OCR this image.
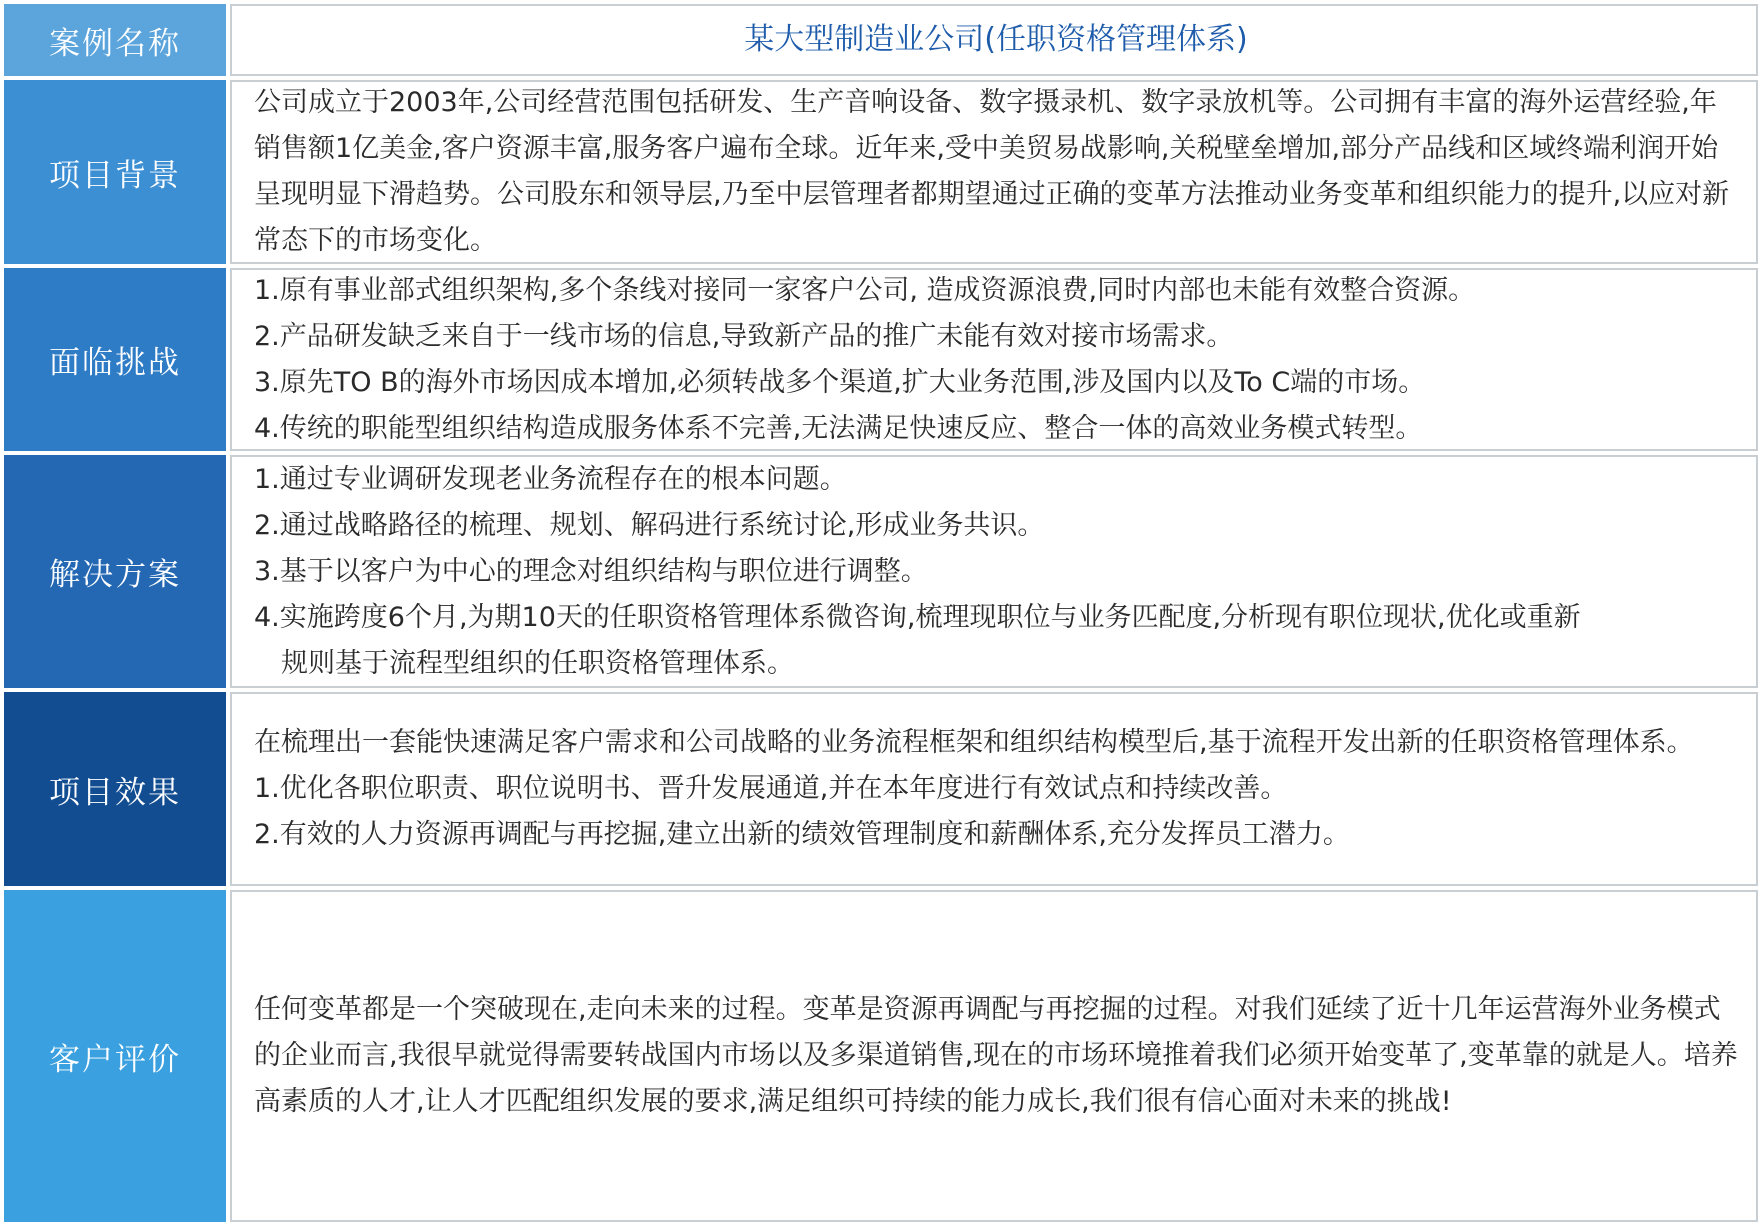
案例名称	某大型制造业公司(任职资格管理体系)
项目背景

公司成立于2003年,公司经营范围包括研发、生产音响设备、数字摄录机、数字录放机等。公司拥有丰富的海外运营经验,年销售额1亿美金,客户资源丰富,服务客户遍布全球。近年来,受中美贸易战影响,关税壁垒增加,部分产品线和区域终端利润开始呈现明显下滑趋势。公司股东和领导层,乃至中层管理者都期望通过正确的变革方法推动业务变革和组织能力的提升,以应对新常态下的市场变化。

面临挑战

1.原有事业部式组织架构,多个条线对接同一家客户公司, 造成资源浪费,同时内部也未能有效整合资源。

2.产品研发缺乏来自于一线市场的信息,导致新产品的推广未能有效对接市场需求。

3.原先TO B的海外市场因成本增加,必须转战多个渠道,扩大业务范围,涉及国内以及To C端的市场。

4.传统的职能型组织结构造成服务体系不完善,无法满足快速反应、整合一体的高效业务模式转型。

解决方案

1.通过专业调研发现老业务流程存在的根本问题。

2.通过战略路径的梳理、规划、解码进行系统讨论,形成业务共识。

3.基于以客户为中心的理念对组织结构与职位进行调整。

4.实施跨度6个月,为期10天的任职资格管理体系微咨询,梳理现职位与业务匹配度,分析现有职位现状,优化或重新

规则基于流程型组织的任职资格管理体系。

项目效果

在梳理出一套能快速满足客户需求和公司战略的业务流程框架和组织结构模型后,基于流程开发出新的任职资格管理体系。

1.优化各职位职责、职位说明书、晋升发展通道,并在本年度进行有效试点和持续改善。

2.有效的人力资源再调配与再挖掘,建立出新的绩效管理制度和薪酬体系,充分发挥员工潜力。

客户评价

任何变革都是一个突破现在,走向未来的过程。变革是资源再调配与再挖掘的过程。对我们延续了近十几年运营海外业务模式的企业而言,我很早就觉得需要转战国内市场以及多渠道销售,现在的市场环境推着我们必须开始变革了,变革靠的就是人。培养高素质的人才,让人才匹配组织发展的要求,满足组织可持续的能力成长,我们很有信心面对未来的挑战!
